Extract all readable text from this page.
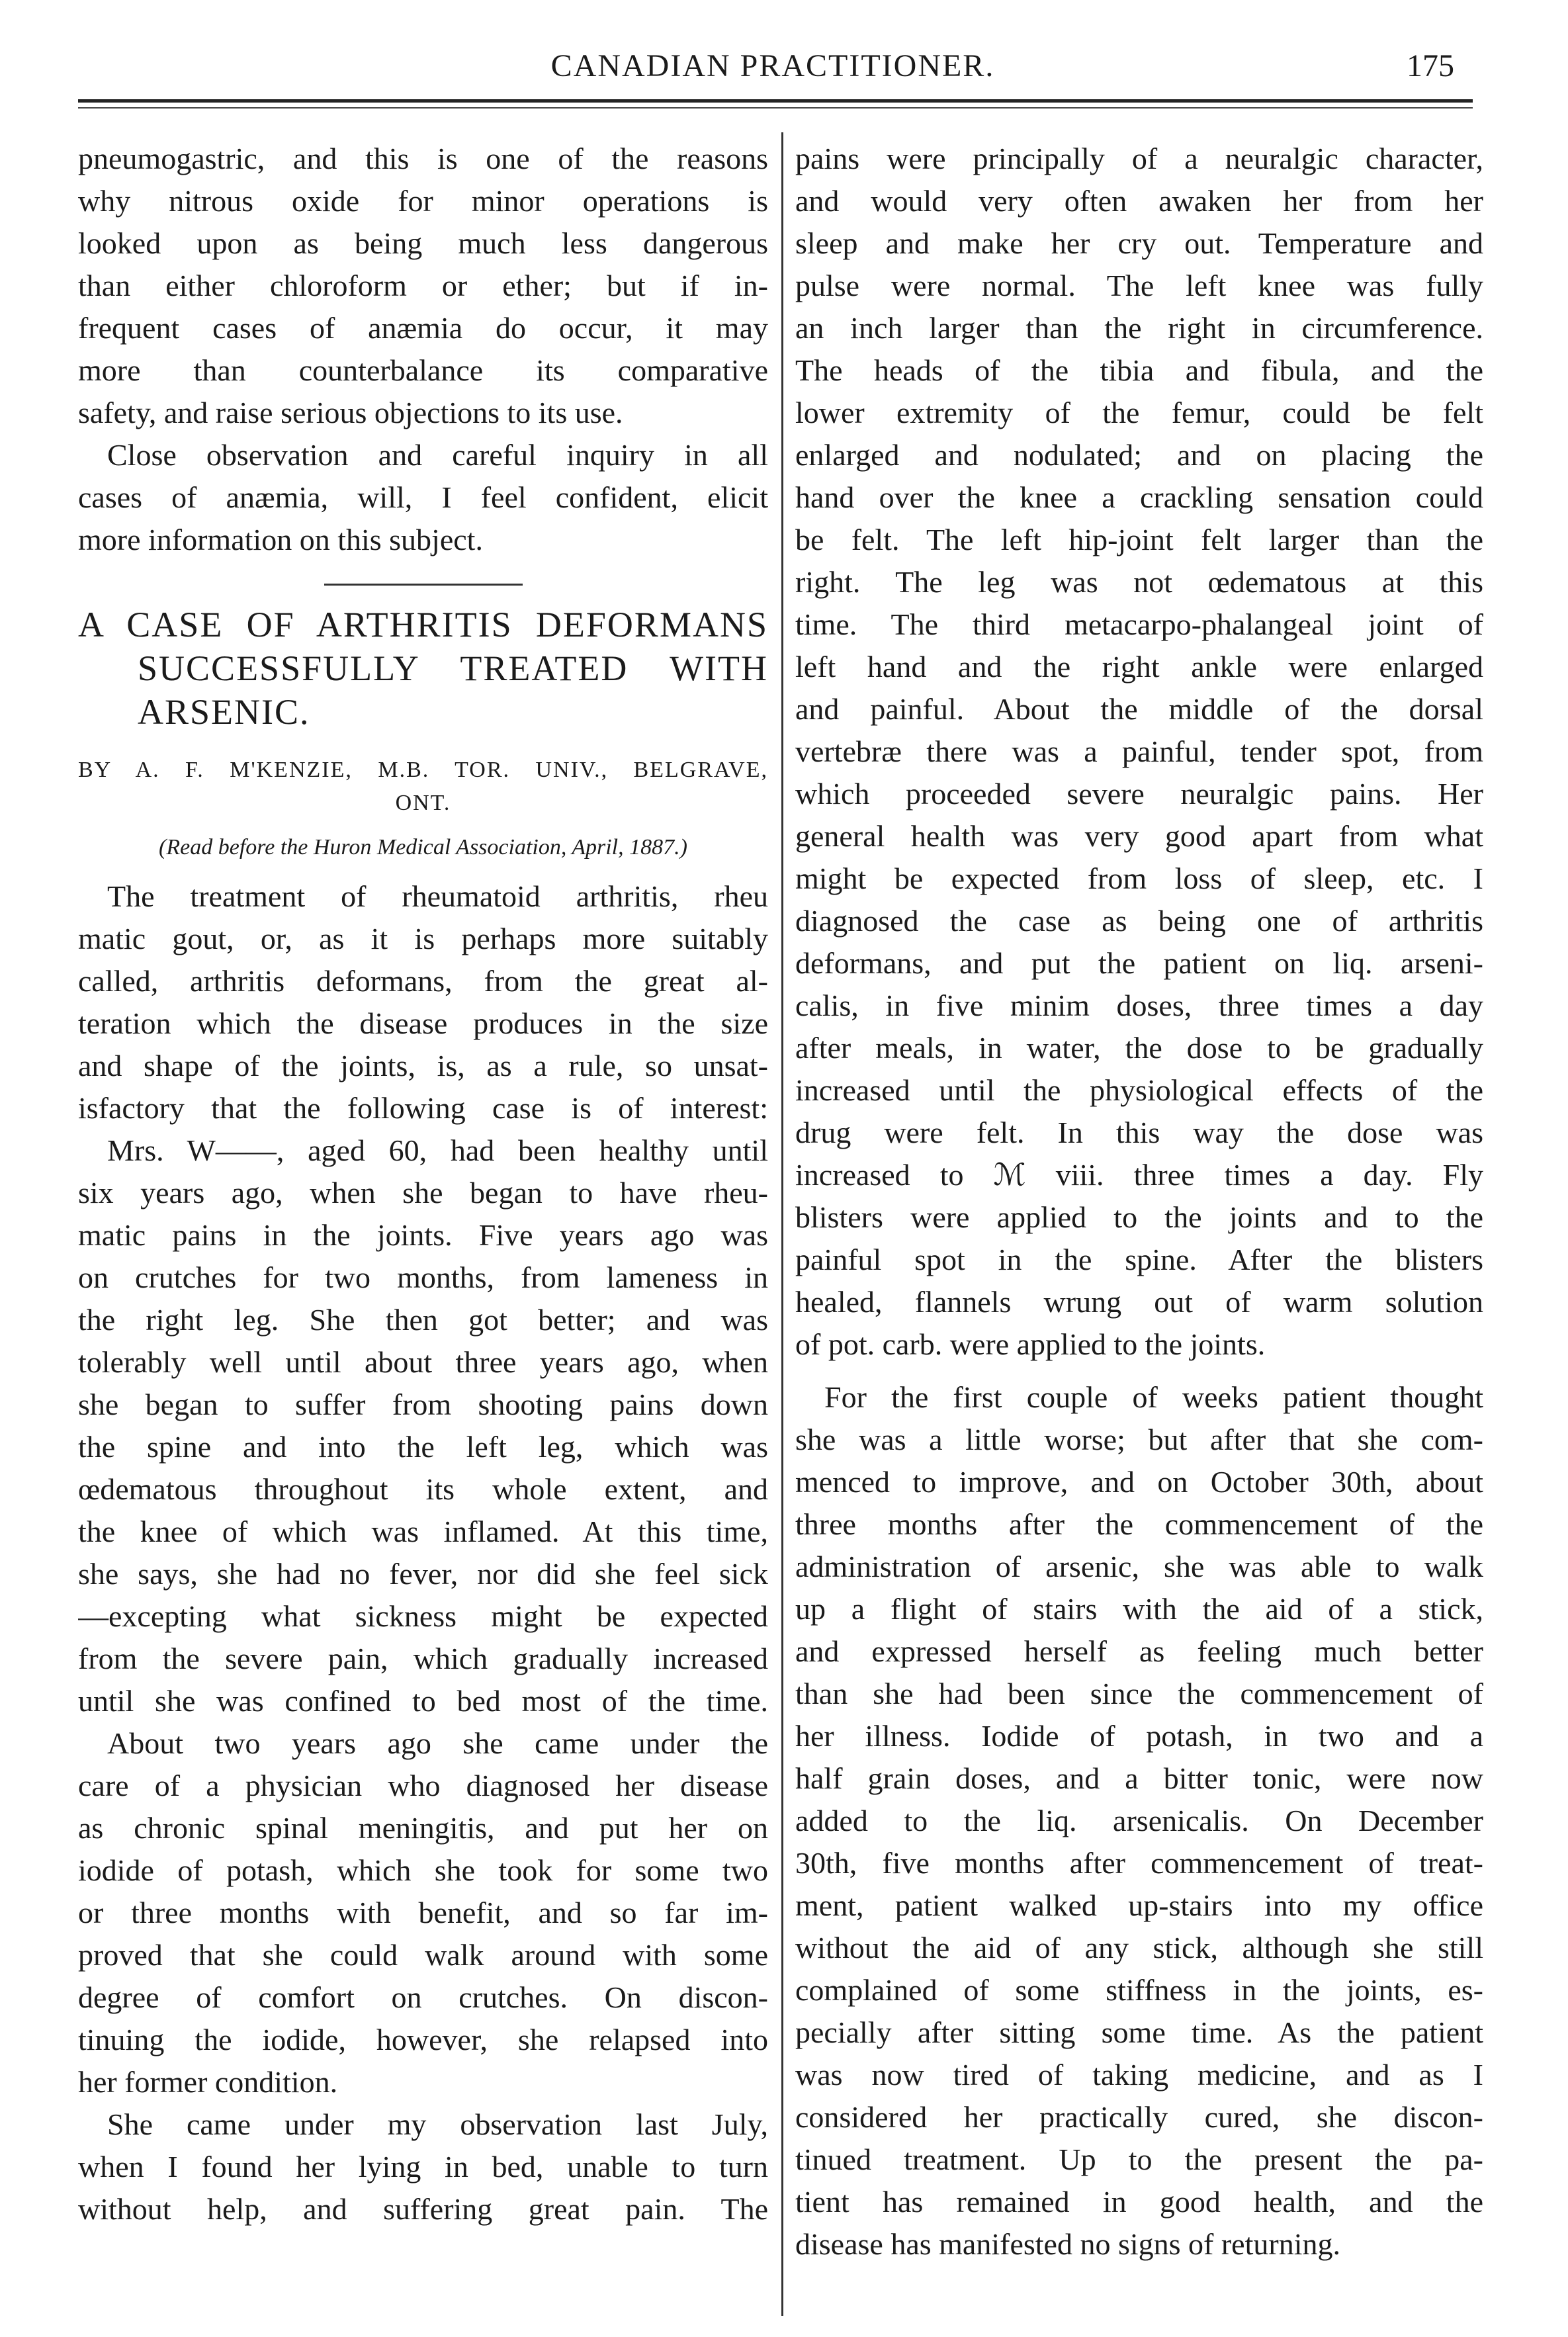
CANADIAN PRACTITIONER.	175
pneumogastric, and this is one of the reasons
why nitrous oxide for minor operations is
looked upon as being much less dangerous
than either chloroform or ether; but if in-
frequent cases of anæmia do occur, it may
more than counterbalance its comparative
safety, and raise serious objections to its use.
Close observation and careful inquiry in all
cases of anæmia, will, I feel confident, elicit
more information on this subject.
A CASE OF ARTHRITIS DEFORMANS
SUCCESSFULLY TREATED WITH
ARSENIC.
BY A. F. M'KENZIE, M.B. TOR. UNIV., BELGRAVE,
ONT.
(Read before the Huron Medical Association, April, 1887.)
The treatment of rheumatoid arthritis, rheu
matic gout, or, as it is perhaps more suitably
called, arthritis deformans, from the great al-
teration which the disease produces in the size
and shape of the joints, is, as a rule, so unsat-
isfactory that the following case is of interest:
Mrs. W——, aged 60, had been healthy until
six years ago, when she began to have rheu-
matic pains in the joints. Five years ago was
on crutches for two months, from lameness in
the right leg. She then got better; and was
tolerably well until about three years ago, when
she began to suffer from shooting pains down
the spine and into the left leg, which was
œdematous throughout its whole extent, and
the knee of which was inflamed. At this time,
she says, she had no fever, nor did she feel sick
—excepting what sickness might be expected
from the severe pain, which gradually increased
until she was confined to bed most of the time.
About two years ago she came under the
care of a physician who diagnosed her disease
as chronic spinal meningitis, and put her on
iodide of potash, which she took for some two
or three months with benefit, and so far im-
proved that she could walk around with some
degree of comfort on crutches. On discon-
tinuing the iodide, however, she relapsed into
her former condition.
She came under my observation last July,
when I found her lying in bed, unable to turn
without help, and suffering great pain. The
pains were principally of a neuralgic character,
and would very often awaken her from her
sleep and make her cry out. Temperature and
pulse were normal. The left knee was fully
an inch larger than the right in circumference.
The heads of the tibia and fibula, and the
lower extremity of the femur, could be felt
enlarged and nodulated; and on placing the
hand over the knee a crackling sensation could
be felt. The left hip-joint felt larger than the
right. The leg was not œdematous at this
time. The third metacarpo-phalangeal joint of
left hand and the right ankle were enlarged
and painful. About the middle of the dorsal
vertebræ there was a painful, tender spot, from
which proceeded severe neuralgic pains. Her
general health was very good apart from what
might be expected from loss of sleep, etc. I
diagnosed the case as being one of arthritis
deformans, and put the patient on liq. arseni-
calis, in five minim doses, three times a day
after meals, in water, the dose to be gradually
increased until the physiological effects of the
drug were felt. In this way the dose was
increased to ℳ viii. three times a day. Fly
blisters were applied to the joints and to the
painful spot in the spine. After the blisters
healed, flannels wrung out of warm solution
of pot. carb. were applied to the joints.
For the first couple of weeks patient thought
she was a little worse; but after that she com-
menced to improve, and on October 30th, about
three months after the commencement of the
administration of arsenic, she was able to walk
up a flight of stairs with the aid of a stick,
and expressed herself as feeling much better
than she had been since the commencement of
her illness. Iodide of potash, in two and a
half grain doses, and a bitter tonic, were now
added to the liq. arsenicalis. On December
30th, five months after commencement of treat-
ment, patient walked up-stairs into my office
without the aid of any stick, although she still
complained of some stiffness in the joints, es-
pecially after sitting some time. As the patient
was now tired of taking medicine, and as I
considered her practically cured, she discon-
tinued treatment. Up to the present the pa-
tient has remained in good health, and the
disease has manifested no signs of returning.
